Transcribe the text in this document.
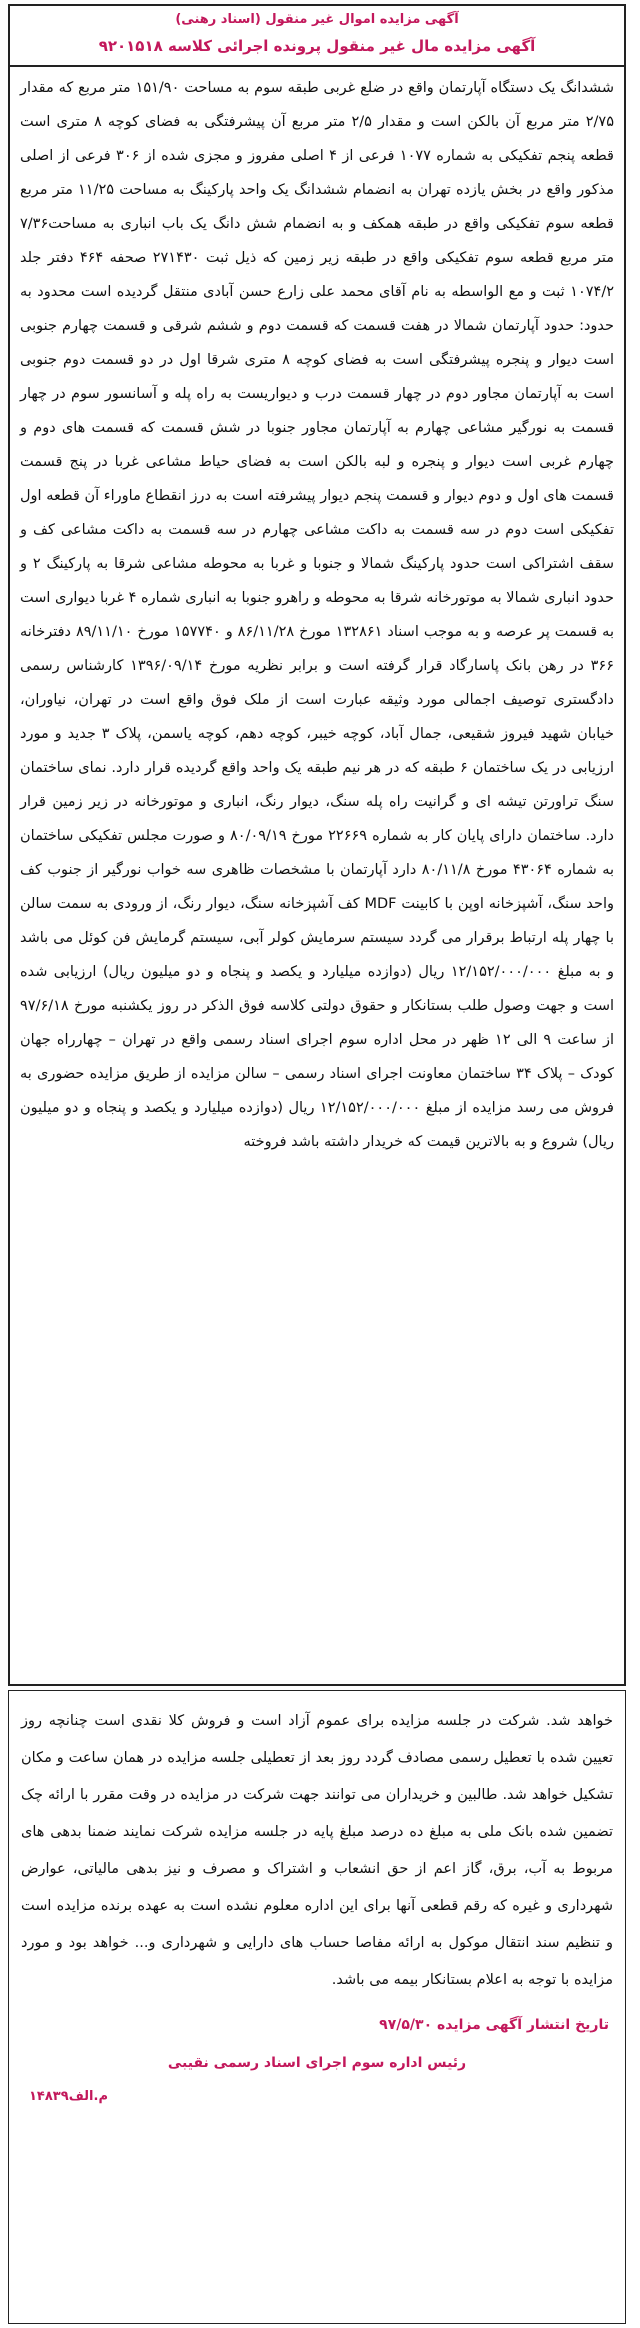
آگهی مزایده اموال غیر منقول (اسناد رهنی)
آگهی مزایده مال غیر منقول پرونده اجرائی کلاسه ۹۲۰۱۵۱۸
ششدانگ یک دستگاه آپارتمان واقع در ضلع غربی طبقه سوم به مساحت ۱۵۱/۹۰ متر مربع که مقدار ۲/۷۵ متر مربع آن بالکن است و مقدار ۲/۵ متر مربع آن پیشرفتگی به فضای کوچه ۸ متری است قطعه پنجم تفکیکی به شماره ۱۰۷۷ فرعی از ۴ اصلی مفروز و مجزی شده از ۳۰۶ فرعی از اصلی مذکور واقع در بخش یازده تهران به انضمام ششدانگ یک واحد پارکینگ به مساحت ۱۱/۲۵ متر مربع قطعه سوم تفکیکی واقع در طبقه همکف و به انضمام شش دانگ یک باب انباری به مساحت۷/۳۶ متر مربع قطعه سوم تفکیکی واقع در طبقه زیر زمین که ذیل ثبت ۲۷۱۴۳۰ صحفه ۴۶۴ دفتر جلد ۱۰۷۴/۲ ثبت و مع الواسطه به نام آقای محمد علی زارع حسن آبادی منتقل گردیده است محدود به حدود: حدود آپارتمان شمالا در هفت قسمت که قسمت دوم و ششم شرقی و قسمت چهارم جنوبی است دیوار و پنجره پیشرفتگی است به فضای کوچه ۸ متری شرقا اول در دو قسمت دوم جنوبی است به آپارتمان مجاور دوم در چهار قسمت درب و دیواریست به راه پله و آسانسور سوم در چهار قسمت به نورگیر مشاعی چهارم به آپارتمان مجاور جنوبا در شش قسمت که قسمت های دوم و چهارم غربی است دیوار و پنجره و لبه بالکن است به فضای حیاط مشاعی غربا در پنج قسمت قسمت های اول و دوم دیوار و قسمت پنجم دیوار پیشرفته است به درز انقطاع ماوراء آن قطعه اول تفکیکی است دوم در سه قسمت به داکت مشاعی چهارم در سه قسمت به داکت مشاعی کف و سقف اشتراکی است حدود پارکینگ شمالا و جنوبا و غربا به محوطه مشاعی شرقا به پارکینگ ۲ و حدود انباری شمالا به موتورخانه شرقا به محوطه و راهرو جنوبا به انباری شماره ۴ غربا دیواری است به قسمت پر عرصه و به موجب اسناد ۱۳۲۸۶۱ مورخ ۸۶/۱۱/۲۸ و ۱۵۷۷۴۰ مورخ ۸۹/۱۱/۱۰ دفترخانه ۳۶۶ در رهن بانک پاسارگاد قرار گرفته است و برابر نظریه مورخ ۱۳۹۶/۰۹/۱۴ کارشناس رسمی دادگستری توصیف اجمالی مورد وثیقه عبارت است از ملک فوق واقع است در تهران، نیاوران، خیابان شهید فیروز شقیعی، جمال آباد، کوچه خیبر، کوچه دهم، کوچه یاسمن، پلاک ۳ جدید و مورد ارزیابی در یک ساختمان ۶ طبقه که در هر نیم طبقه یک واحد واقع گردیده قرار دارد. نمای ساختمان سنگ تراورتن تیشه ای و گرانیت راه پله سنگ، دیوار رنگ، انباری و موتورخانه در زیر زمین قرار دارد. ساختمان دارای پایان کار به شماره ۲۲۶۶۹ مورخ ۸۰/۰۹/۱۹ و صورت مجلس تفکیکی ساختمان به شماره ۴۳۰۶۴ مورخ ۸۰/۱۱/۸ دارد آپارتمان با مشخصات ظاهری سه خواب نورگیر از جنوب کف واحد سنگ، آشپزخانه اوپن با کابینت MDF کف آشپزخانه سنگ، دیوار رنگ، از ورودی به سمت سالن با چهار پله ارتباط برقرار می گردد سیستم سرمایش کولر آبی، سیستم گرمایش فن کوئل می باشد و به مبلغ ۱۲/۱۵۲/۰۰۰/۰۰۰ ریال (دوازده میلیارد و یکصد و پنجاه و دو میلیون ریال) ارزیابی شده است و جهت وصول طلب بستانکار و حقوق دولتی کلاسه فوق الذکر در روز یکشنبه مورخ ۹۷/۶/۱۸ از ساعت ۹ الی ۱۲ ظهر در محل اداره سوم اجرای اسناد رسمی واقع در تهران – چهارراه جهان کودک – پلاک ۳۴ ساختمان معاونت اجرای اسناد رسمی – سالن مزایده از طریق مزایده حضوری به فروش می رسد مزایده از مبلغ ۱۲/۱۵۲/۰۰۰/۰۰۰ ریال (دوازده میلیارد و یکصد و پنجاه و دو میلیون ریال) شروع و به بالاترین قیمت که خریدار داشته باشد فروخته
خواهد شد. شرکت در جلسه مزایده برای عموم آزاد است و فروش کلا نقدی است چنانچه روز تعیین شده با تعطیل رسمی مصادف گردد روز بعد از تعطیلی جلسه مزایده در همان ساعت و مکان تشکیل خواهد شد. طالبین و خریداران می توانند جهت شرکت در مزایده در وقت مقرر با ارائه چک تضمین شده بانک ملی به مبلغ ده درصد مبلغ پایه در جلسه مزایده شرکت نمایند ضمنا بدهی های مربوط به آب، برق، گاز اعم از حق انشعاب و اشتراک و مصرف و نیز بدهی مالیاتی، عوارض شهرداری و غیره که رقم قطعی آنها برای این اداره معلوم نشده است به عهده برنده مزایده است و تنظیم سند انتقال موکول به ارائه مفاصا حساب های دارایی و شهرداری و... خواهد بود و مورد مزایده با توجه به اعلام بستانکار بیمه می باشد.
تاریخ انتشار آگهی مزایده ۹۷/۵/۳۰
رئیس اداره سوم اجرای اسناد رسمی نقیبی
م.الف۱۴۸۳۹
